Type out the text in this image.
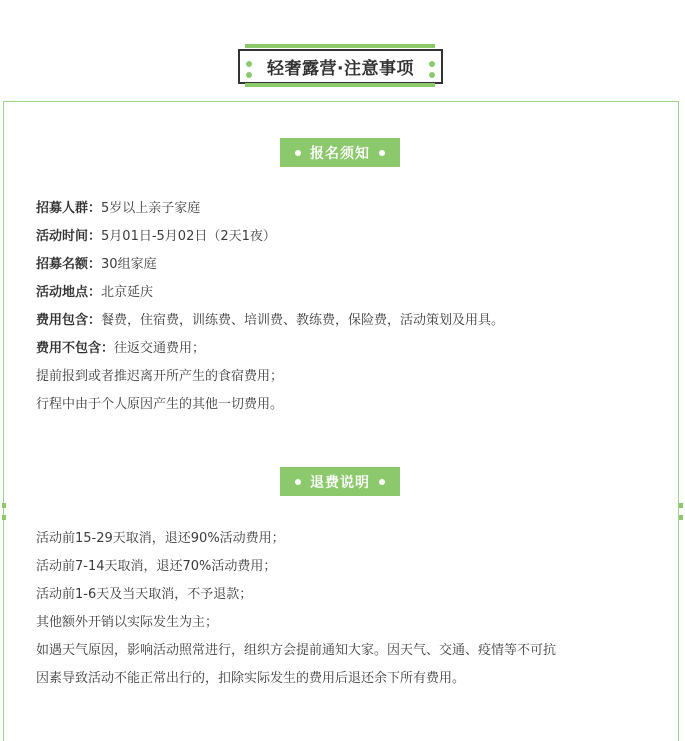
轻奢露营·注意事项
报名须知
招募人群：5岁以上亲子家庭
活动时间：5月01日-5月02日（2天1夜）
招募名额：30组家庭
活动地点：北京延庆
费用包含：餐费，住宿费，训练费、培训费、教练费，保险费，活动策划及用具。
费用不包含：往返交通费用；
提前报到或者推迟离开所产生的食宿费用；
行程中由于个人原因产生的其他一切费用。
退费说明
活动前15-29天取消，退还90%活动费用；
活动前7-14天取消，退还70%活动费用；
活动前1-6天及当天取消，不予退款；
其他额外开销以实际发生为主；
如遇天气原因，影响活动照常进行，组织方会提前通知大家。因天气、交通、疫情等不可抗
因素导致活动不能正常出行的，扣除实际发生的费用后退还余下所有费用。
